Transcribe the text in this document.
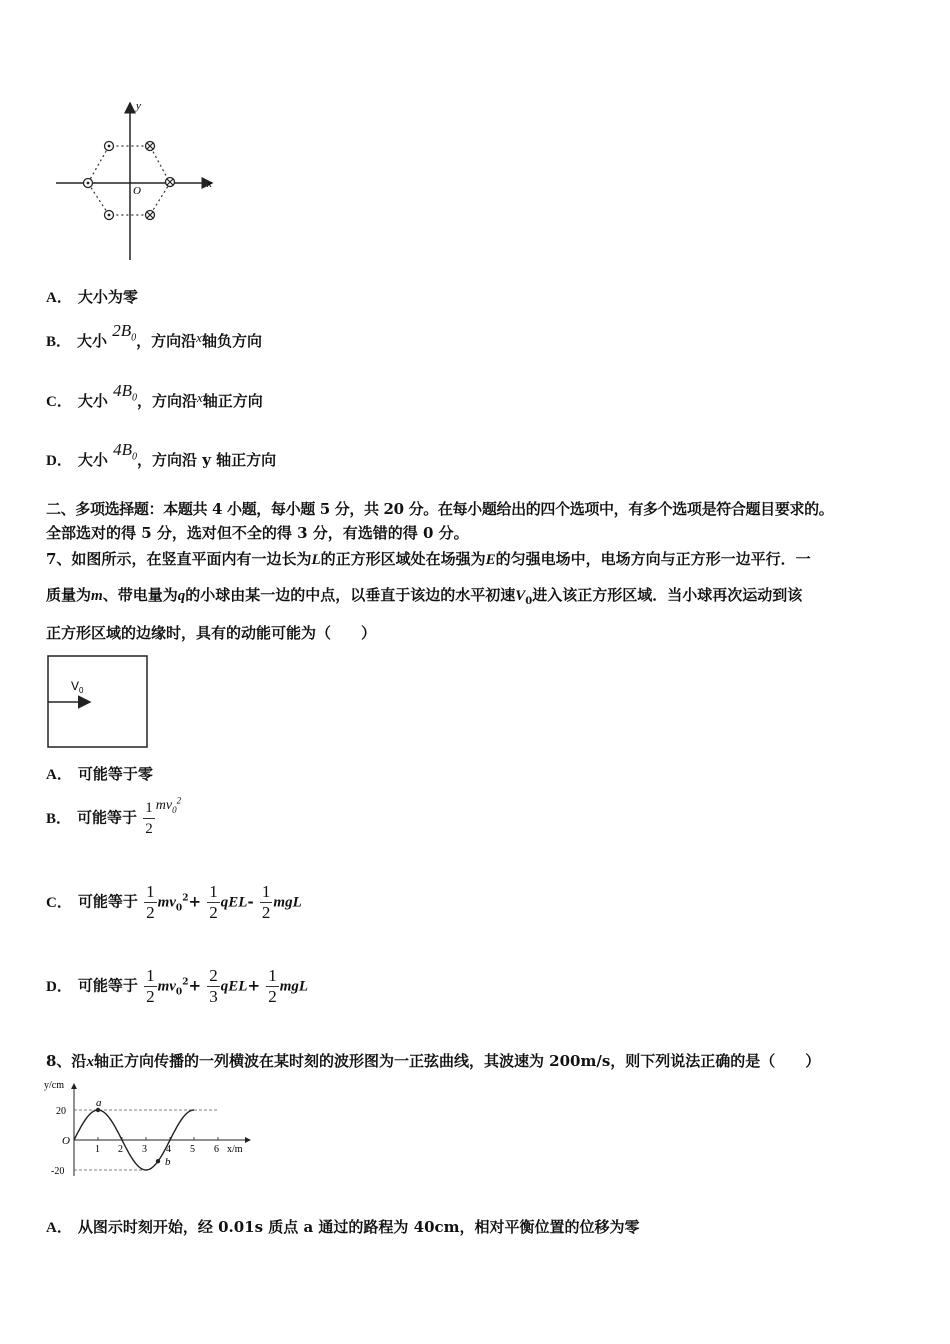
y
x
O
A． 大小为零
B． 大小 $2B_0$，方向沿x轴负方向
C． 大小 $4B_0$，方向沿x轴正方向
D． 大小 $4B_0$，方向沿 y 轴正方向
二、多项选择题：本题共 4 小题，每小题 5 分，共 20 分。在每小题给出的四个选项中，有多个选项是符合题目要求的。
全部选对的得 5 分，选对但不全的得 3 分，有选错的得 0 分。
7、如图所示，在竖直平面内有一边长为L的正方形区域处在场强为E的匀强电场中，电场方向与正方形一边平行．一
质量为m、带电量为q的小球由某一边的中点，以垂直于该边的水平初速$V_0$进入该正方形区域．当小球再次运动到该
正方形区域的边缘时，具有的动能可能为（　　）
$V_0$
A． 可能等于零
B． 可能等于 $\frac{1}{2} mv_0^2$
C． 可能等于 $\frac{1}{2} mv_0^2+ \frac{1}{2} qEL- \frac{1}{2}$ mgL
D． 可能等于 $\frac{1}{2} mv_0^2+ \frac{2}{3} qEL+ \frac{1}{2}$ mgL
8、沿x轴正方向传播的一列横波在某时刻的波形图为一正弦曲线，其波速为 200m/s，则下列说法正确的是（　　）
a
b
y/cm
x/m
O
20
-20
1 2 3 4 5 6
A． 从图示时刻开始，经 0.01s 质点 a 通过的路程为 40cm，相对平衡位置的位移为零
